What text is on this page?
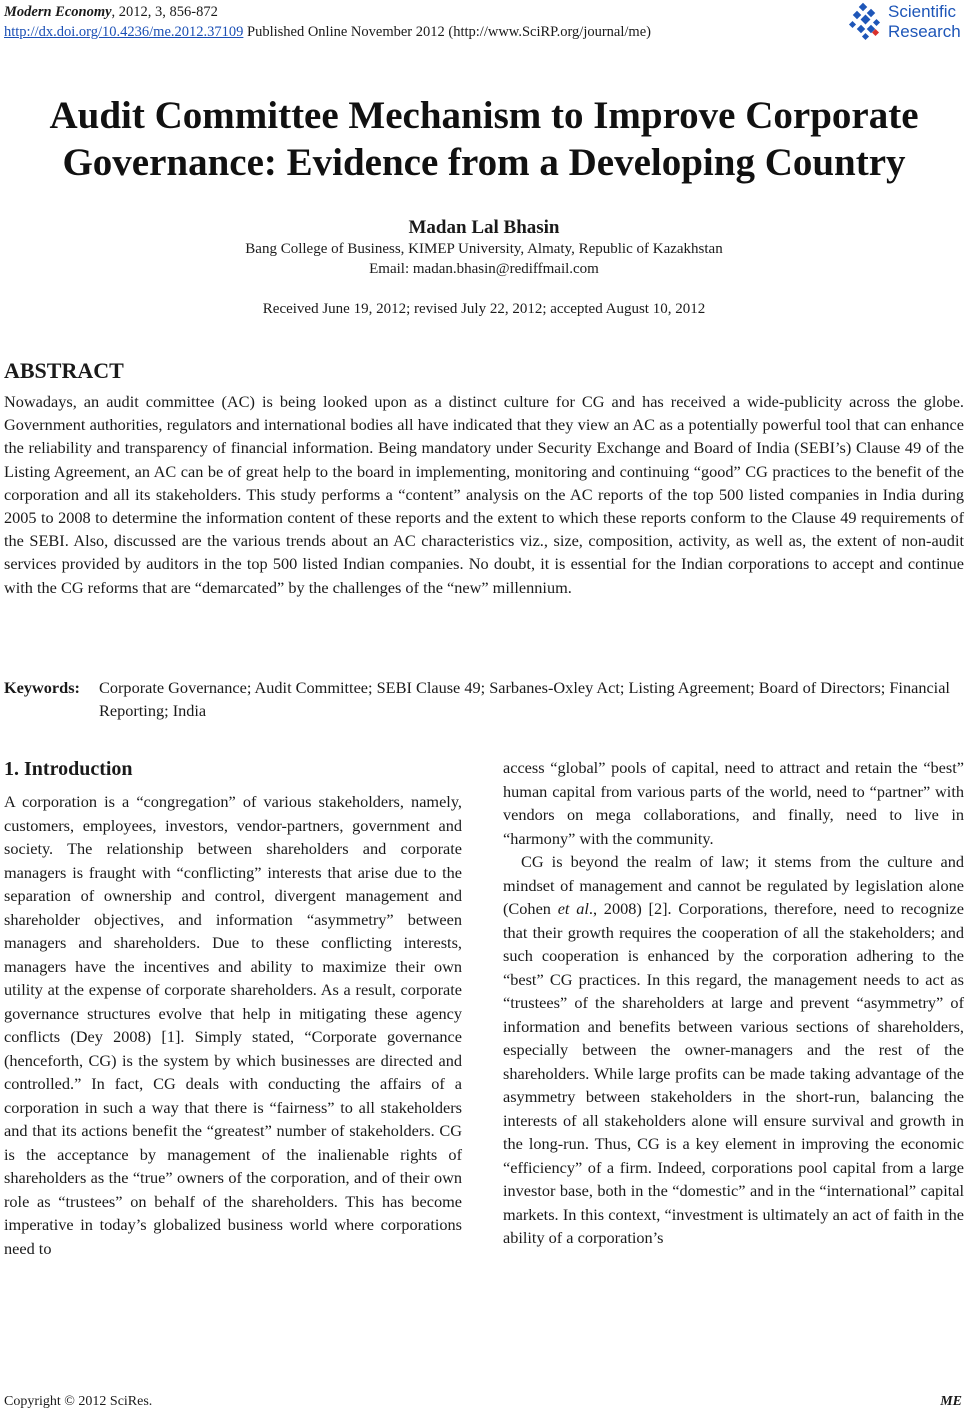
Modern Economy, 2012, 3, 856-872
http://dx.doi.org/10.4236/me.2012.37109 Published Online November 2012 (http://www.SciRP.org/journal/me)
Scientific
Research
Audit Committee Mechanism to Improve Corporate Governance: Evidence from a Developing Country
Madan Lal Bhasin
Bang College of Business, KIMEP University, Almaty, Republic of Kazakhstan
Email: madan.bhasin@rediffmail.com
Received June 19, 2012; revised July 22, 2012; accepted August 10, 2012
ABSTRACT

Nowadays, an audit committee (AC) is being looked upon as a distinct culture for CG and has received a wide-publicity across the globe. Government authorities, regulators and international bodies all have indicated that they view an AC as a potentially powerful tool that can enhance the reliability and transparency of financial information. Being mandatory under Security Exchange and Board of India (SEBI’s) Clause 49 of the Listing Agreement, an AC can be of great help to the board in implementing, monitoring and continuing “good” CG practices to the benefit of the corporation and all its stakeholders. This study performs a “content” analysis on the AC reports of the top 500 listed companies in India during 2005 to 2008 to determine the information content of these reports and the extent to which these reports conform to the Clause 49 requirements of the SEBI. Also, discussed are the various trends about an AC characteristics viz., size, composition, activity, as well as, the extent of non-audit services provided by auditors in the top 500 listed Indian companies. No doubt, it is essential for the Indian corporations to accept and continue with the CG reforms that are “demarcated” by the challenges of the “new” millennium.

Keywords: Corporate Governance; Audit Committee; SEBI Clause 49; Sarbanes-Oxley Act; Listing Agreement; Board of Directors; Financial Reporting; India
1. Introduction

A corporation is a “congregation” of various stakeholders, namely, customers, employees, investors, vendor-partners, government and society. The relationship between shareholders and corporate managers is fraught with “conflicting” interests that arise due to the separation of ownership and control, divergent management and shareholder objectives, and information “asymmetry” between managers and shareholders. Due to these conflicting interests, managers have the incentives and ability to maximize their own utility at the expense of corporate shareholders. As a result, corporate governance structures evolve that help in mitigating these agency conflicts (Dey 2008) [1]. Simply stated, “Corporate governance (henceforth, CG) is the system by which businesses are directed and controlled.” In fact, CG deals with conducting the affairs of a corporation in such a way that there is “fairness” to all stakeholders and that its actions benefit the “greatest” number of stakeholders. CG is the acceptance by management of the inalienable rights of shareholders as the “true” owners of the corporation, and of their own role as “trustees” on behalf of the shareholders. This has become imperative in today’s globalized business world where corporations need to

access “global” pools of capital, need to attract and retain the “best” human capital from various parts of the world, need to “partner” with vendors on mega collaborations, and finally, need to live in “harmony” with the community.

CG is beyond the realm of law; it stems from the culture and mindset of management and cannot be regulated by legislation alone (Cohen et al., 2008) [2]. Corporations, therefore, need to recognize that their growth requires the cooperation of all the stakeholders; and such cooperation is enhanced by the corporation adhering to the “best” CG practices. In this regard, the management needs to act as “trustees” of the shareholders at large and prevent “asymmetry” of information and benefits between various sections of shareholders, especially between the owner-managers and the rest of the shareholders. While large profits can be made taking advantage of the asymmetry between stakeholders in the short-run, balancing the interests of all stakeholders alone will ensure survival and growth in the long-run. Thus, CG is a key element in improving the economic “efficiency” of a firm. Indeed, corporations pool capital from a large investor base, both in the “domestic” and in the “international” capital markets. In this context, “investment is ultimately an act of faith in the ability of a corporation’s

Copyright © 2012 SciRes.	ME
